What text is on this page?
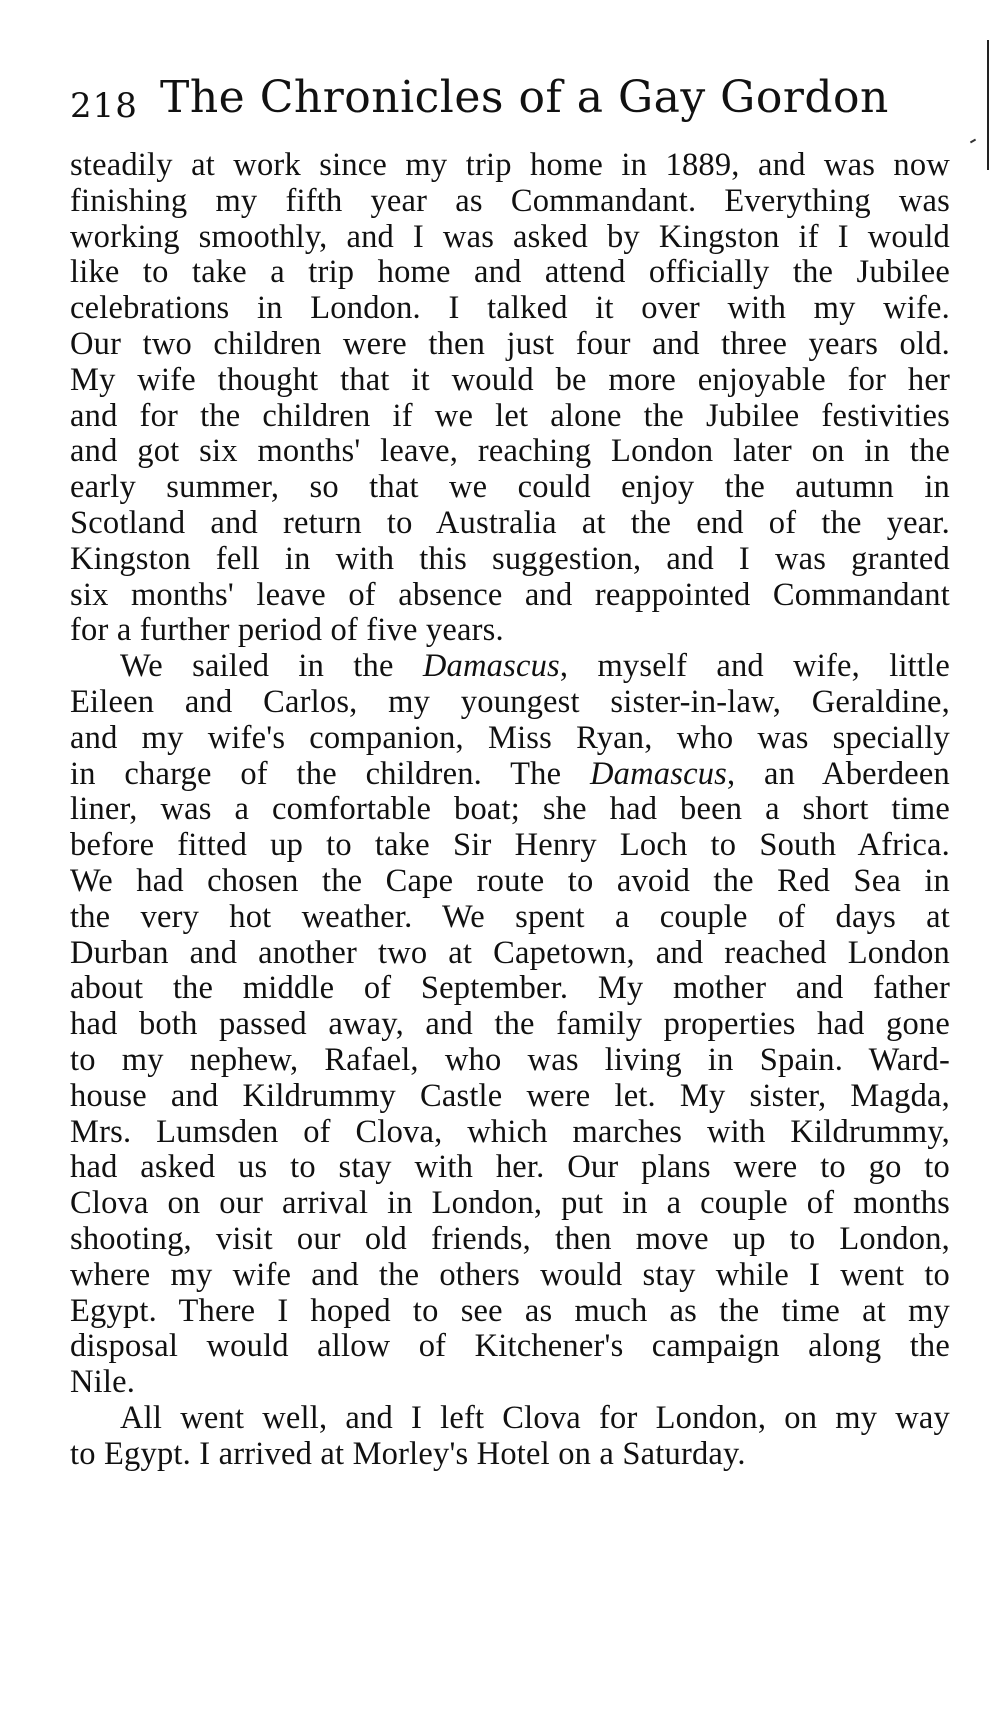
218 The Chronicles of a Gay Gordon
steadily at work since my trip home in 1889, and was now
finishing my fifth year as Commandant. Everything was
working smoothly, and I was asked by Kingston if I would
like to take a trip home and attend officially the Jubilee
celebrations in London. I talked it over with my wife.
Our two children were then just four and three years old.
My wife thought that it would be more enjoyable for her
and for the children if we let alone the Jubilee festivities
and got six months' leave, reaching London later on in the
early summer, so that we could enjoy the autumn in
Scotland and return to Australia at the end of the year.
Kingston fell in with this suggestion, and I was granted
six months' leave of absence and reappointed Commandant
for a further period of five years.
We sailed in the Damascus, myself and wife, little
Eileen and Carlos, my youngest sister-in-law, Geraldine,
and my wife's companion, Miss Ryan, who was specially
in charge of the children. The Damascus, an Aberdeen
liner, was a comfortable boat; she had been a short time
before fitted up to take Sir Henry Loch to South Africa.
We had chosen the Cape route to avoid the Red Sea in
the very hot weather. We spent a couple of days at
Durban and another two at Capetown, and reached London
about the middle of September. My mother and father
had both passed away, and the family properties had gone
to my nephew, Rafael, who was living in Spain. Ward-
house and Kildrummy Castle were let. My sister, Magda,
Mrs. Lumsden of Clova, which marches with Kildrummy,
had asked us to stay with her. Our plans were to go to
Clova on our arrival in London, put in a couple of months
shooting, visit our old friends, then move up to London,
where my wife and the others would stay while I went to
Egypt. There I hoped to see as much as the time at my
disposal would allow of Kitchener's campaign along the
Nile.
All went well, and I left Clova for London, on my way
to Egypt. I arrived at Morley's Hotel on a Saturday.
